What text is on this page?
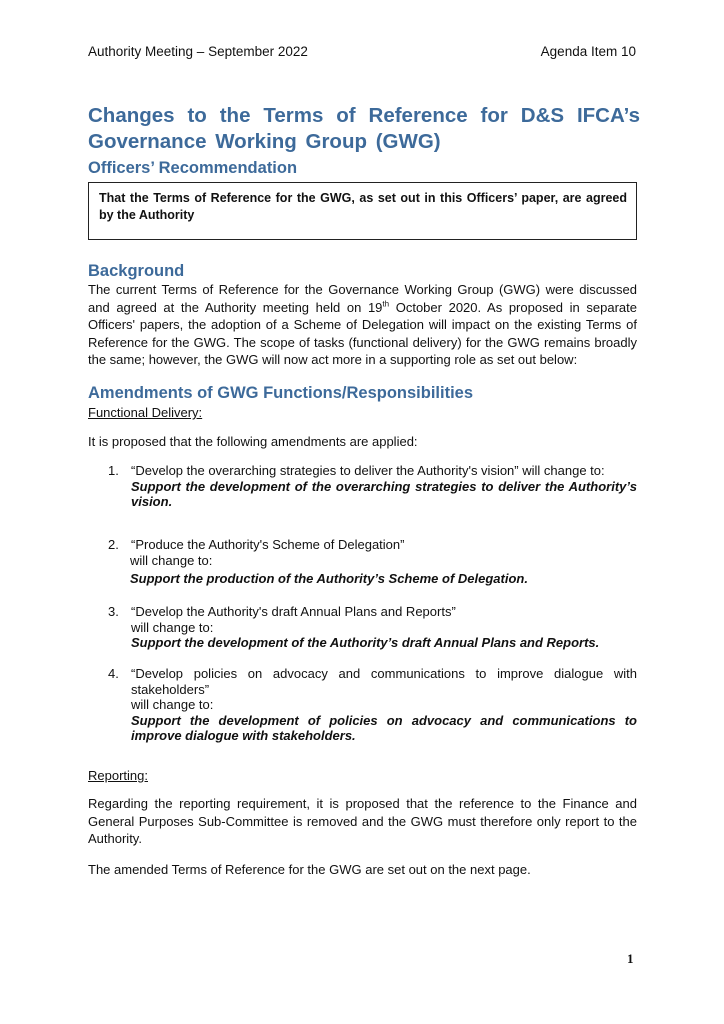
Authority Meeting – September 2022	Agenda Item 10
Changes to the Terms of Reference for D&S IFCA’s Governance Working Group (GWG)
Officers’ Recommendation
That the Terms of Reference for the GWG, as set out in this Officers’ paper, are agreed by the Authority
Background

The current Terms of Reference for the Governance Working Group (GWG) were discussed and agreed at the Authority meeting held on 19th October 2020. As proposed in separate Officers' papers, the adoption of a Scheme of Delegation will impact on the existing Terms of Reference for the GWG. The scope of tasks (functional delivery) for the GWG remains broadly the same; however, the GWG will now act more in a supporting role as set out below:

Amendments of GWG Functions/Responsibilities

Functional Delivery:

It is proposed that the following amendments are applied:

1. “Develop the overarching strategies to deliver the Authority's vision” will change to:
Support the development of the overarching strategies to deliver the Authority’s vision.
2. “Produce the Authority's Scheme of Delegation”
will change to:
Support the production of the Authority’s Scheme of Delegation.
3. “Develop the Authority's draft Annual Plans and Reports”
will change to:
Support the development of the Authority’s draft Annual Plans and Reports.
4. “Develop policies on advocacy and communications to improve dialogue with stakeholders”
will change to:
Support the development of policies on advocacy and communications to improve dialogue with stakeholders.

Reporting:

Regarding the reporting requirement, it is proposed that the reference to the Finance and General Purposes Sub-Committee is removed and the GWG must therefore only report to the Authority.

The amended Terms of Reference for the GWG are set out on the next page.

1
